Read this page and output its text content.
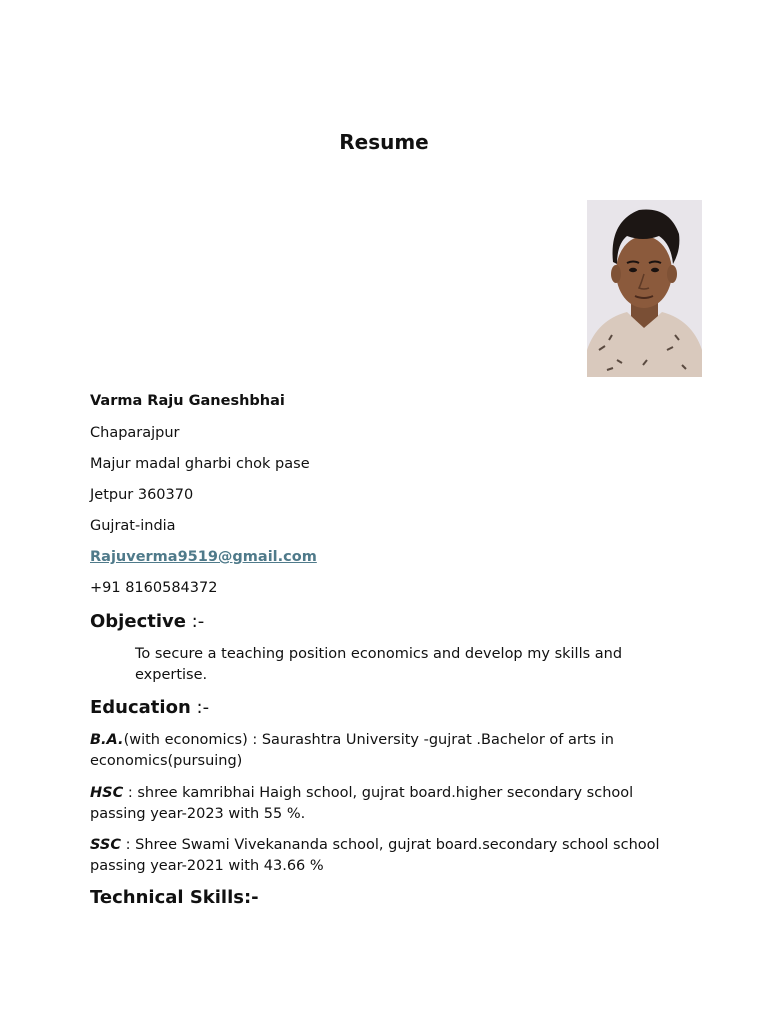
Resume
Varma Raju Ganeshbhai
Chaparajpur
Majur madal gharbi chok pase
Jetpur 360370
Gujrat-india
Rajuverma9519@gmail.com
+91 8160584372
Objective :-
To secure a teaching position economics and develop my skills and expertise.
Education :-
B.A.(with economics) : Saurashtra University -gujrat .Bachelor of arts in economics(pursuing)
HSC : shree kamribhai Haigh school, gujrat board.higher secondary school passing year-2023 with 55 %.
SSC : Shree Swami Vivekananda school, gujrat board.secondary school school passing year-2021 with 43.66 %
Technical Skills:-
